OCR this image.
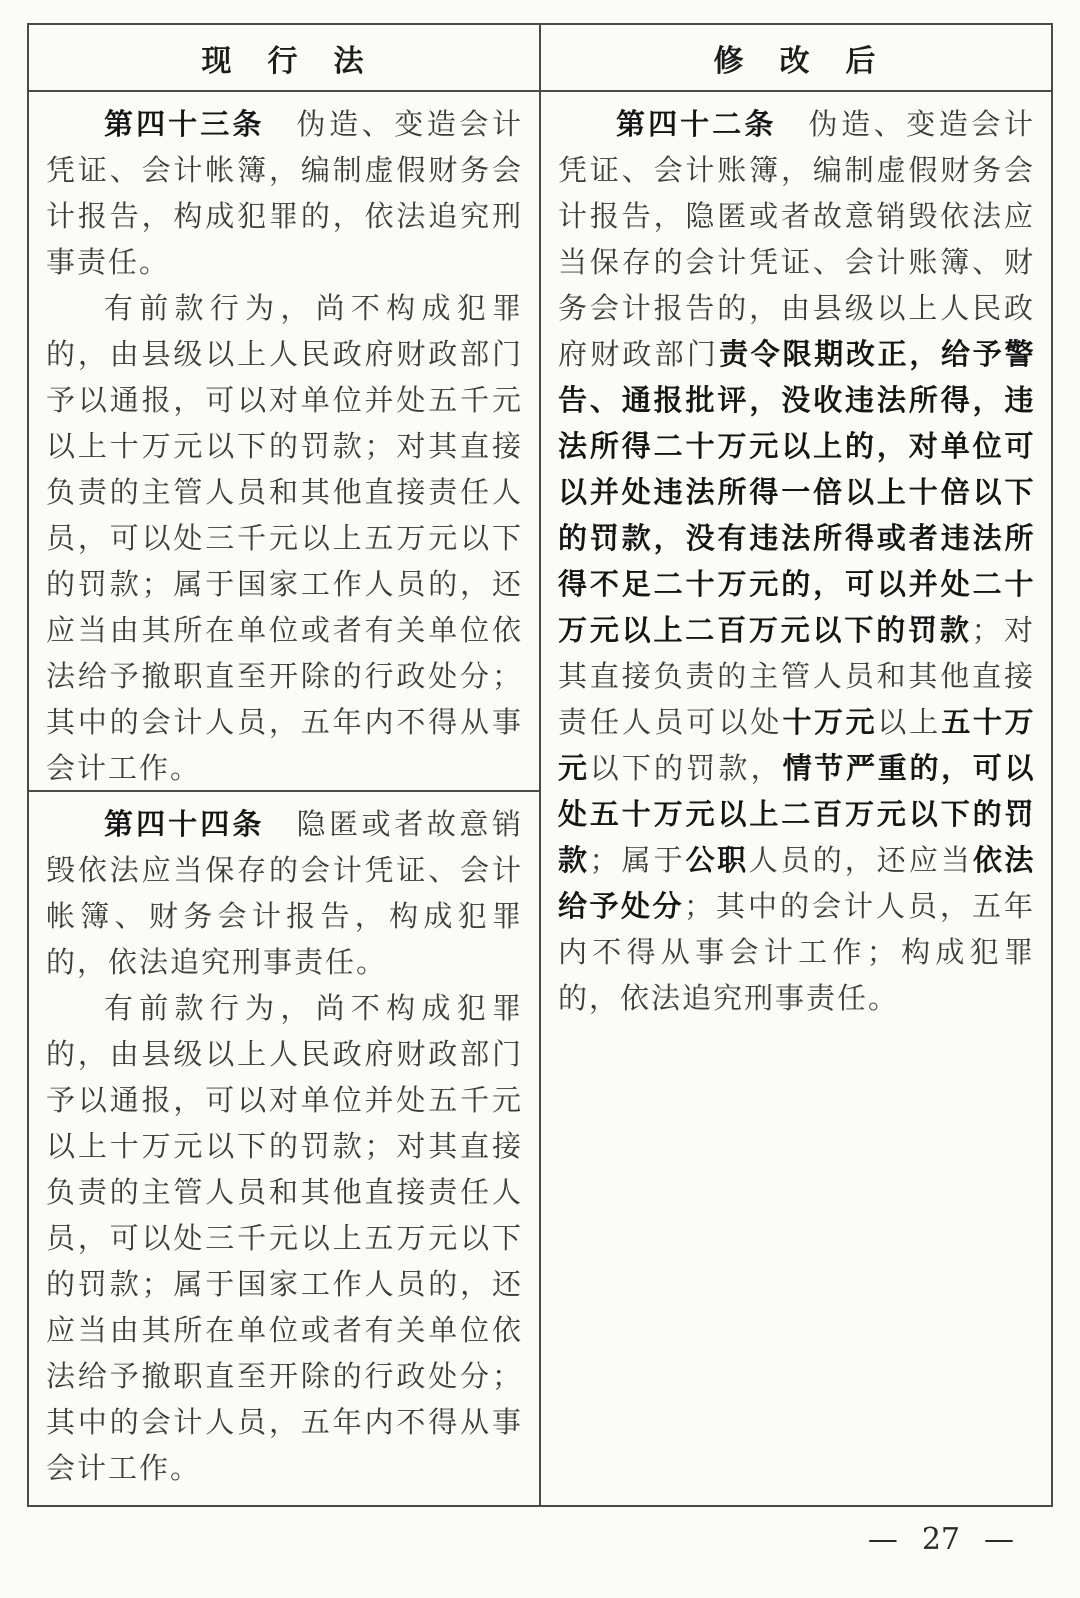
现　行　法	修　改　后

第四十三条　伪造、变造会计凭证、会计帐簿，编制虚假财务会计报告，构成犯罪的，依法追究刑事责任。

有前款行为，尚不构成犯罪的，由县级以上人民政府财政部门予以通报，可以对单位并处五千元以上十万元以下的罚款；对其直接负责的主管人员和其他直接责任人员，可以处三千元以上五万元以下的罚款；属于国家工作人员的，还应当由其所在单位或者有关单位依法给予撤职直至开除的行政处分；其中的会计人员，五年内不得从事会计工作。

第四十四条　隐匿或者故意销毁依法应当保存的会计凭证、会计帐簿、财务会计报告，构成犯罪的，依法追究刑事责任。

有前款行为，尚不构成犯罪的，由县级以上人民政府财政部门予以通报，可以对单位并处五千元以上十万元以下的罚款；对其直接负责的主管人员和其他直接责任人员，可以处三千元以上五万元以下的罚款；属于国家工作人员的，还应当由其所在单位或者有关单位依法给予撤职直至开除的行政处分；其中的会计人员，五年内不得从事会计工作。

第四十二条　伪造、变造会计凭证、会计账簿，编制虚假财务会计报告，隐匿或者故意销毁依法应当保存的会计凭证、会计账簿、财务会计报告的，由县级以上人民政府财政部门责令限期改正，给予警告、通报批评，没收违法所得，违法所得二十万元以上的，对单位可以并处违法所得一倍以上十倍以下的罚款，没有违法所得或者违法所得不足二十万元的，可以并处二十万元以上二百万元以下的罚款；对其直接负责的主管人员和其他直接责任人员可以处十万元以上五十万元以下的罚款，情节严重的，可以处五十万元以上二百万元以下的罚款；属于公职人员的，还应当依法给予处分；其中的会计人员，五年内不得从事会计工作；构成犯罪的，依法追究刑事责任。

— 27 —
